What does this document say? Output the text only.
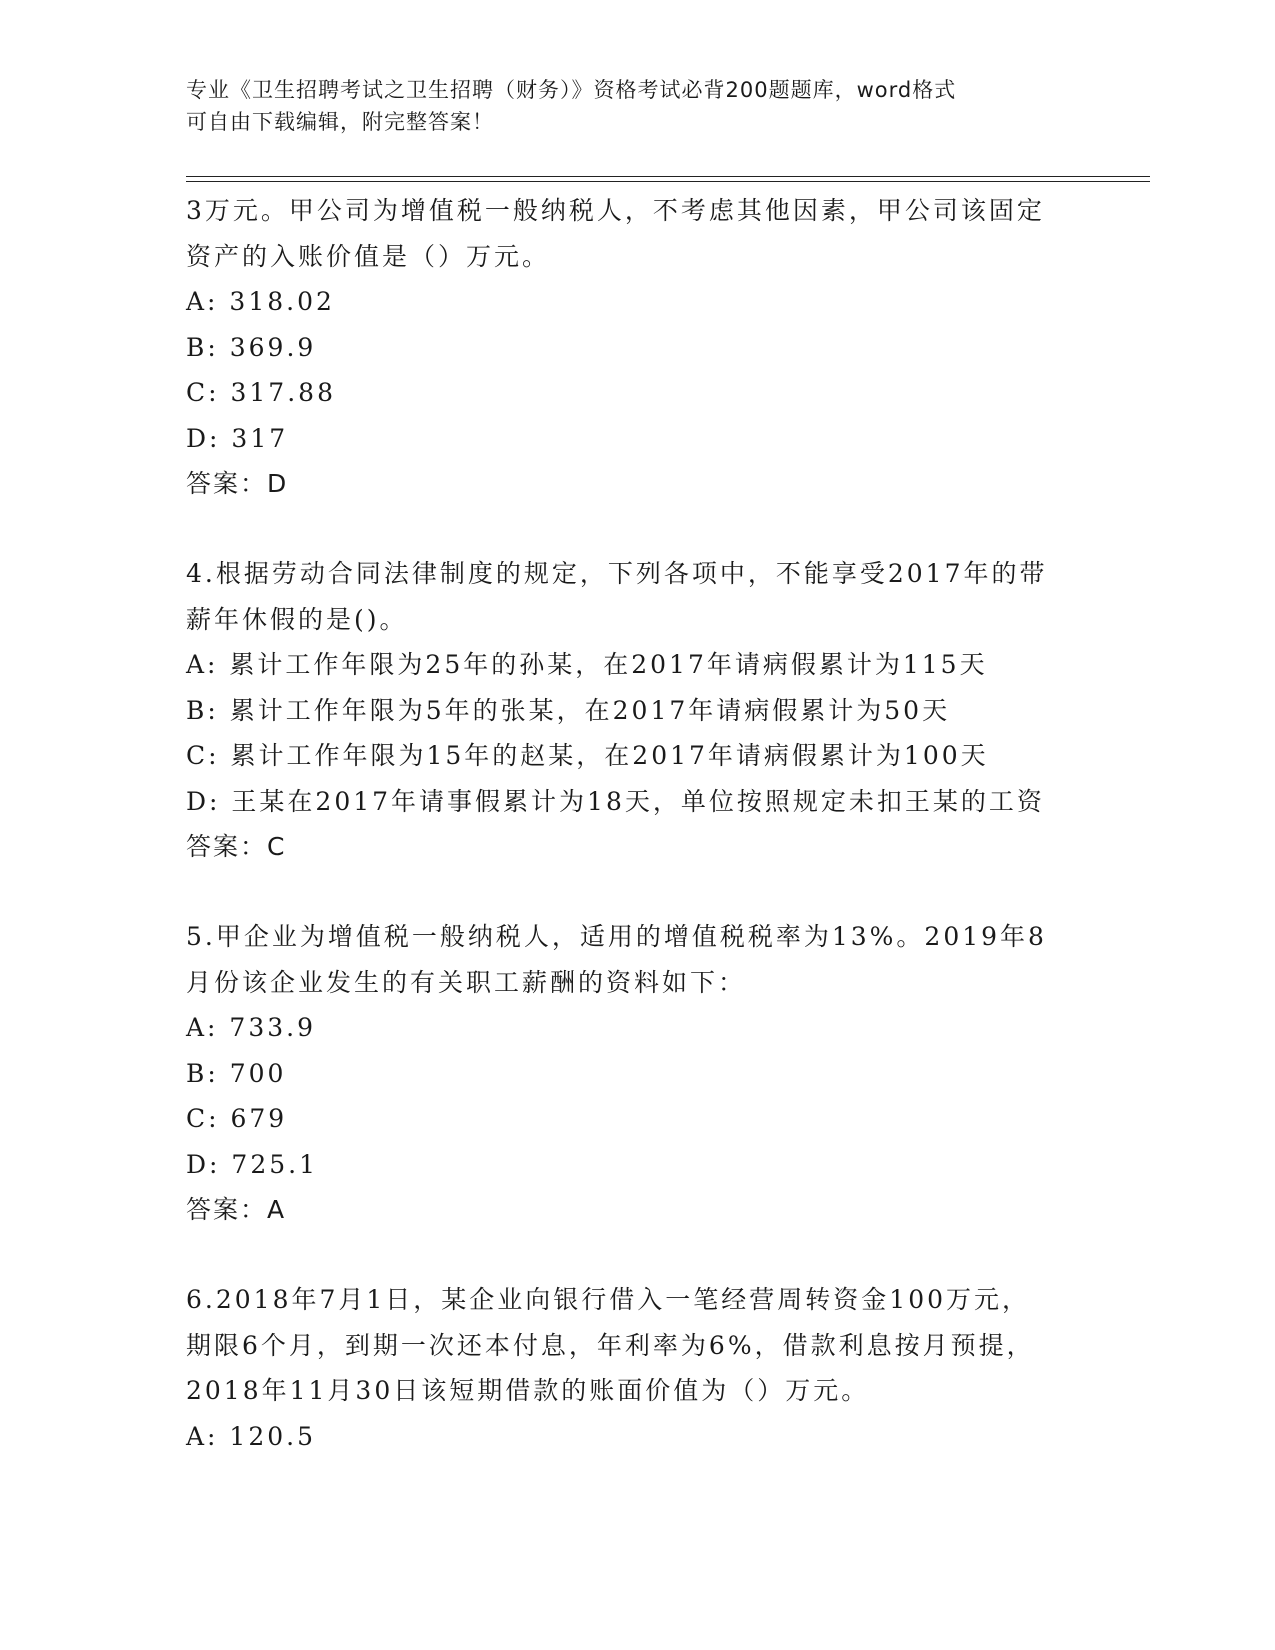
专业《卫生招聘考试之卫生招聘（财务）》资格考试必背200题题库，word格式
可自由下载编辑，附完整答案！
3万元。甲公司为增值税一般纳税人，不考虑其他因素，甲公司该固定
资产的入账价值是（）万元。
A: 318.02
B: 369.9
C: 317.88
D: 317
答案：D
4.根据劳动合同法律制度的规定，下列各项中，不能享受2017年的带
薪年休假的是()。
A: 累计工作年限为25年的孙某，在2017年请病假累计为115天
B: 累计工作年限为5年的张某，在2017年请病假累计为50天
C: 累计工作年限为15年的赵某，在2017年请病假累计为100天
D: 王某在2017年请事假累计为18天，单位按照规定未扣王某的工资
答案：C
5.甲企业为增值税一般纳税人，适用的增值税税率为13%。2019年8
月份该企业发生的有关职工薪酬的资料如下：
A: 733.9
B: 700
C: 679
D: 725.1
答案：A
6.2018年7月1日，某企业向银行借入一笔经营周转资金100万元，
期限6个月，到期一次还本付息，年利率为6%，借款利息按月预提，
2018年11月30日该短期借款的账面价值为（）万元。
A: 120.5
